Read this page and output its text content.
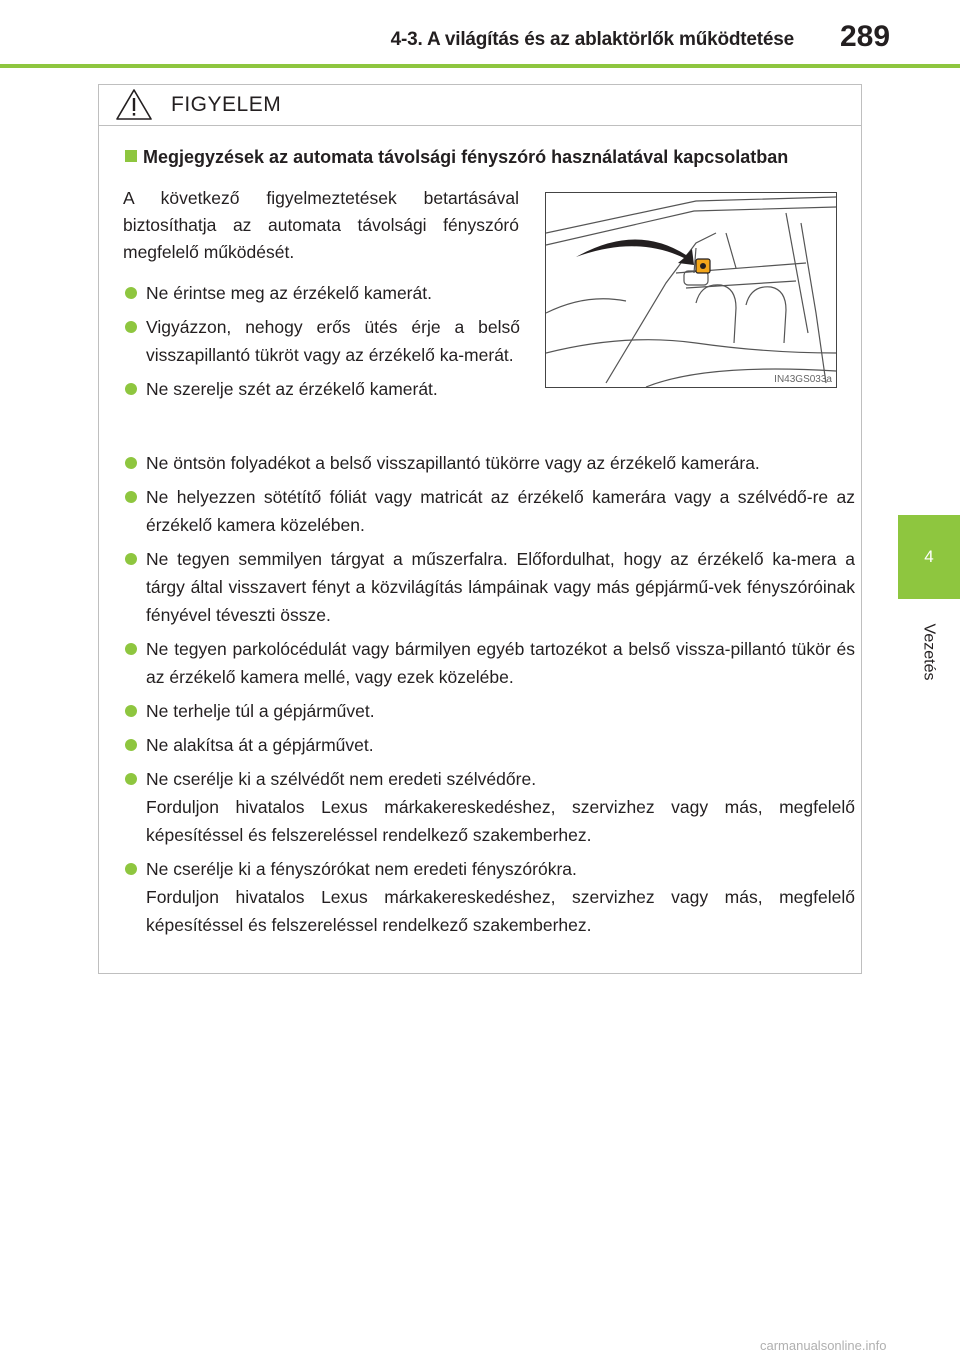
4-3. A világítás és az ablaktörlők működtetése 289
4
Vezetés
FIGYELEM
Megjegyzések az automata távolsági fényszóró használatával kapcsolatban
A következő figyelmeztetések betartásával biztosíthatja az automata távolsági fényszóró megfelelő működését.
IN43GS033a
Ne érintse meg az érzékelő kamerát.
Vigyázzon, nehogy erős ütés érje a belső visszapillantó tükröt vagy az érzékelő ka-merát.
Ne szerelje szét az érzékelő kamerát.
Ne öntsön folyadékot a belső visszapillantó tükörre vagy az érzékelő kamerára.
Ne helyezzen sötétítő fóliát vagy matricát az érzékelő kamerára vagy a szélvédő-re az érzékelő kamera közelében.
Ne tegyen semmilyen tárgyat a műszerfalra. Előfordulhat, hogy az érzékelő ka-mera a tárgy által visszavert fényt a közvilágítás lámpáinak vagy más gépjármű-vek fényszóróinak fényével téveszti össze.
Ne tegyen parkolócédulát vagy bármilyen egyéb tartozékot a belső vissza-pillantó tükör és az érzékelő kamera mellé, vagy ezek közelébe.
Ne terhelje túl a gépjárművet.
Ne alakítsa át a gépjárművet.
Ne cserélje ki a szélvédőt nem eredeti szélvédőre.
Forduljon hivatalos Lexus márkakereskedéshez, szervizhez vagy más, megfelelő képesítéssel és felszereléssel rendelkező szakemberhez.
Ne cserélje ki a fényszórókat nem eredeti fényszórókra.
Forduljon hivatalos Lexus márkakereskedéshez, szervizhez vagy más, megfelelő képesítéssel és felszereléssel rendelkező szakemberhez.
carmanualsonline.info
